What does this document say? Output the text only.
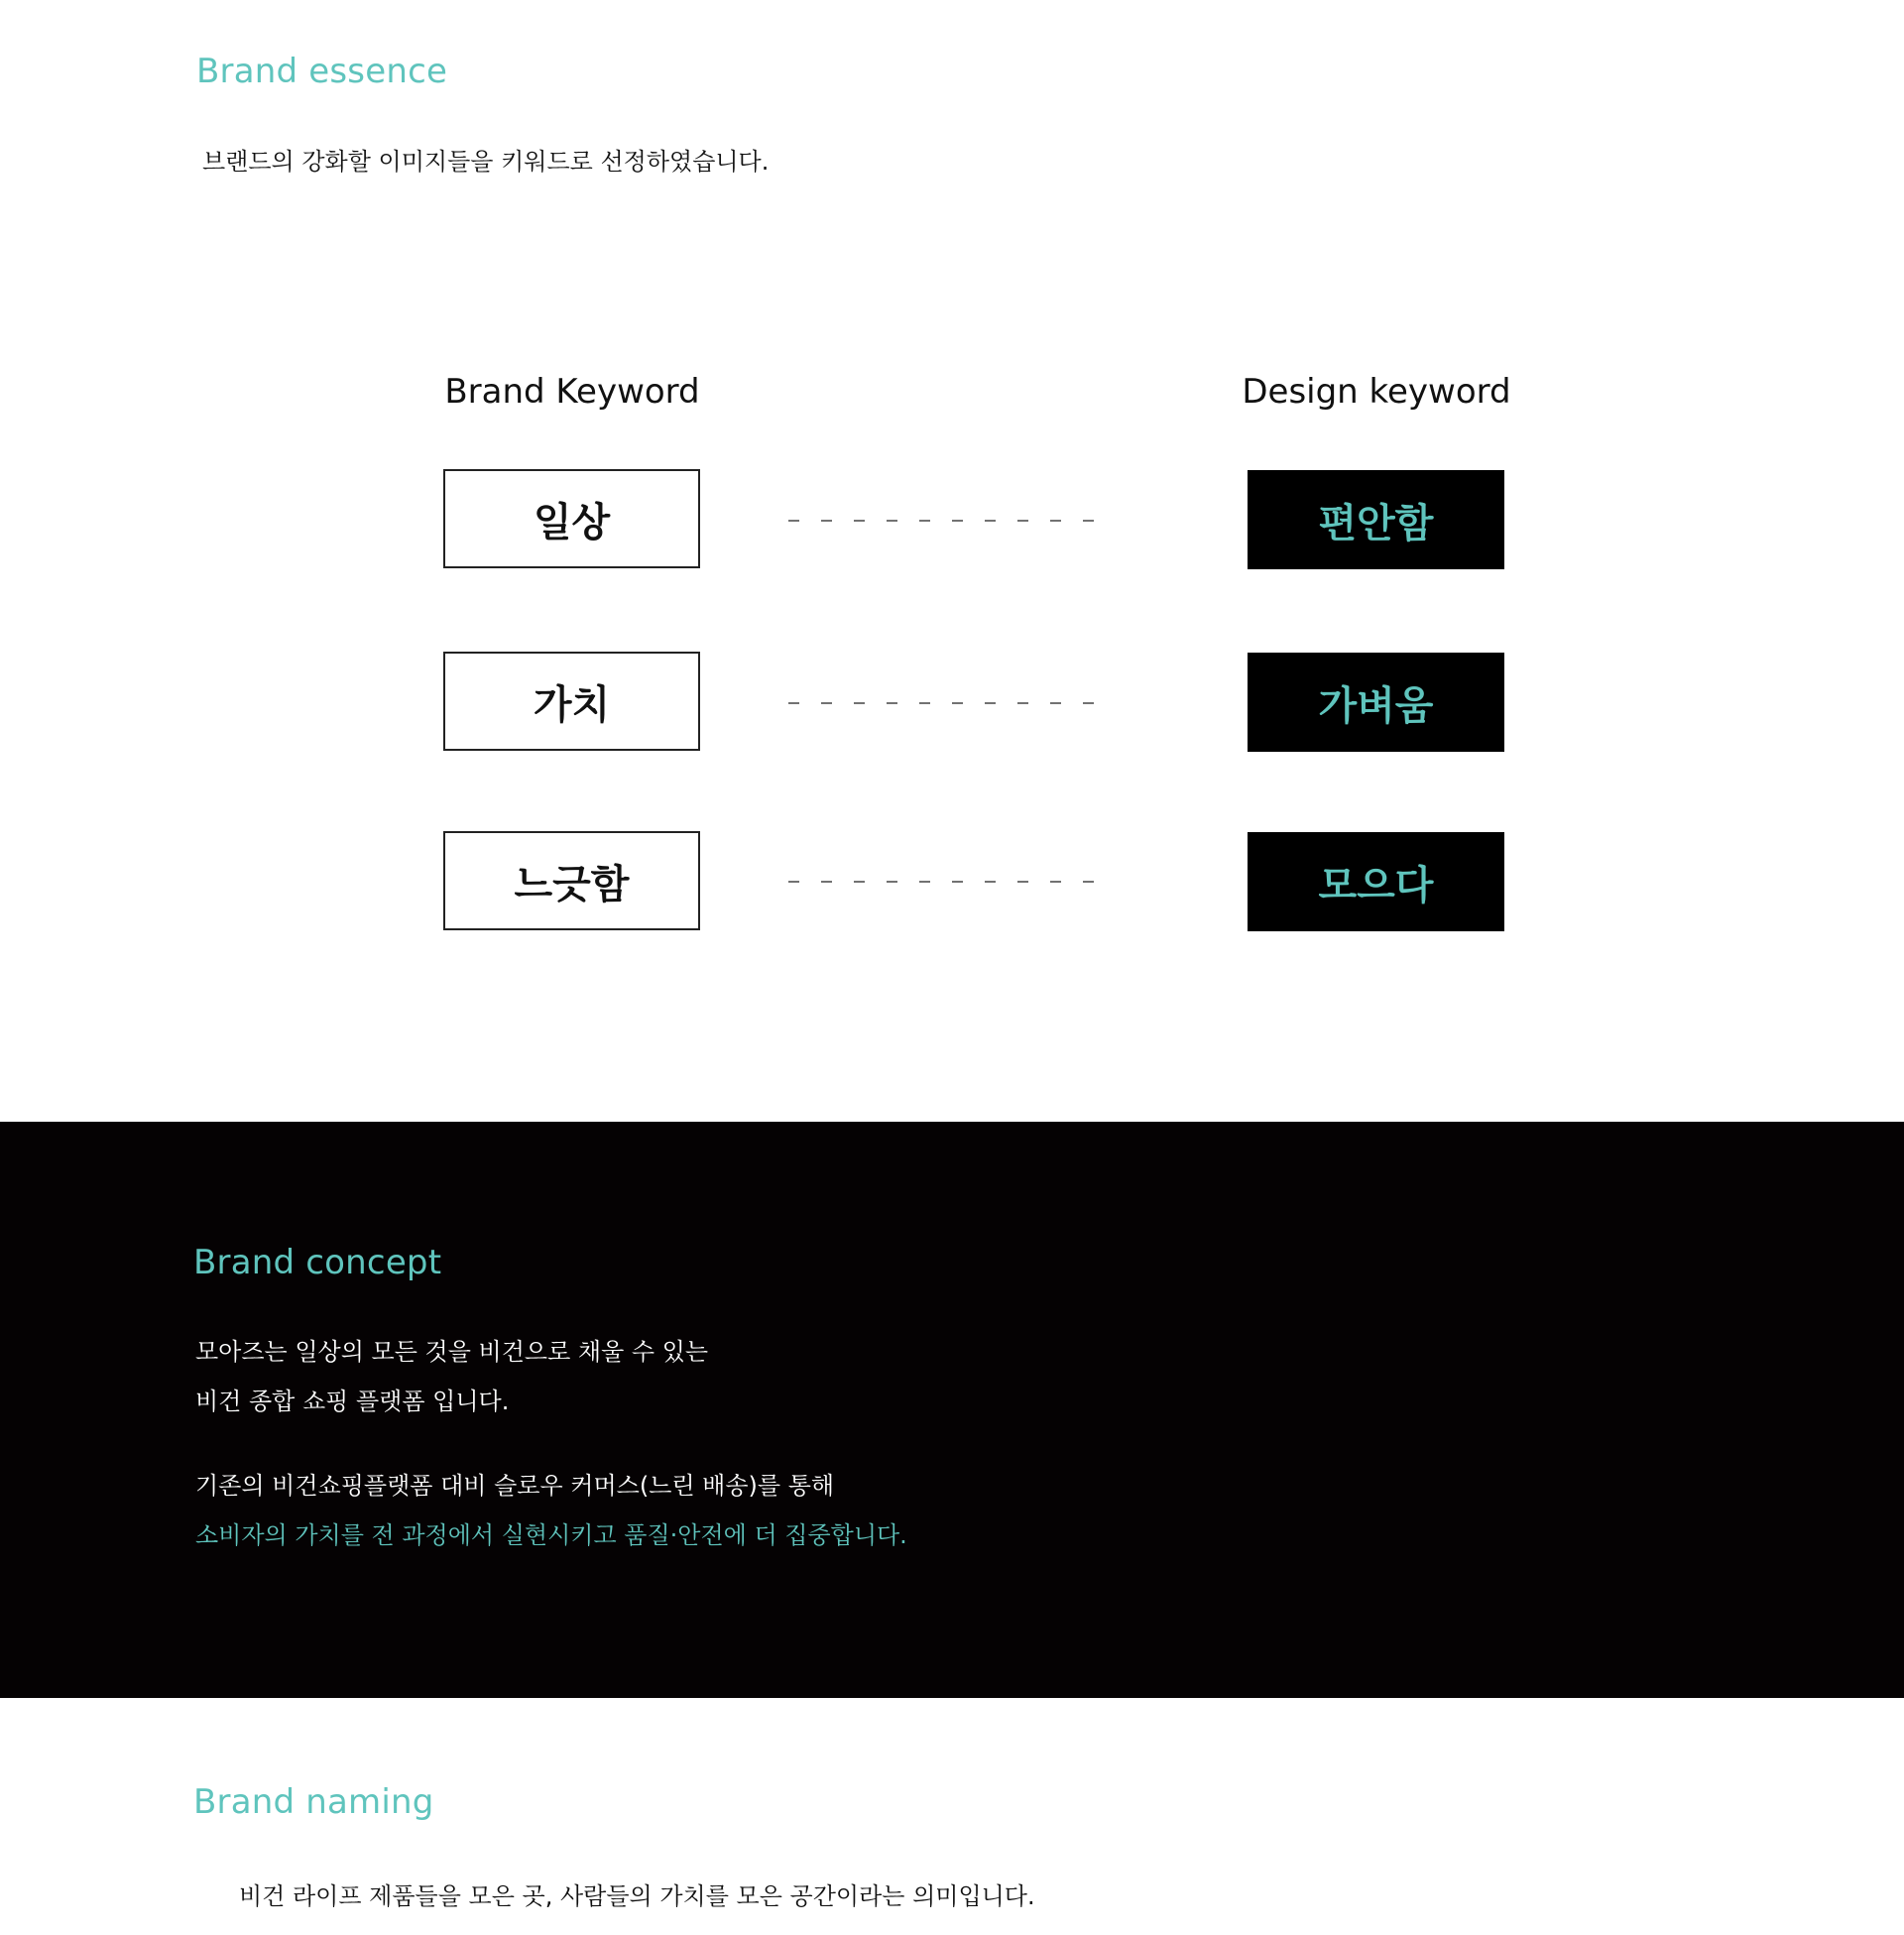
Brand essence
브랜드의 강화할 이미지들을 키워드로 선정하였습니다.
Brand Keyword	Design keyword
일상	편안함
가치	가벼움
느긋함	모으다
Brand concept
모아즈는 일상의 모든 것을 비건으로 채울 수 있는
비건 종합 쇼핑 플랫폼 입니다.
기존의 비건쇼핑플랫폼 대비 슬로우 커머스(느린 배송)를 통해
소비자의 가치를 전 과정에서 실현시키고 품질·안전에 더 집중합니다.
Brand naming
비건 라이프 제품들을 모은 곳, 사람들의 가치를 모은 공간이라는 의미입니다.
